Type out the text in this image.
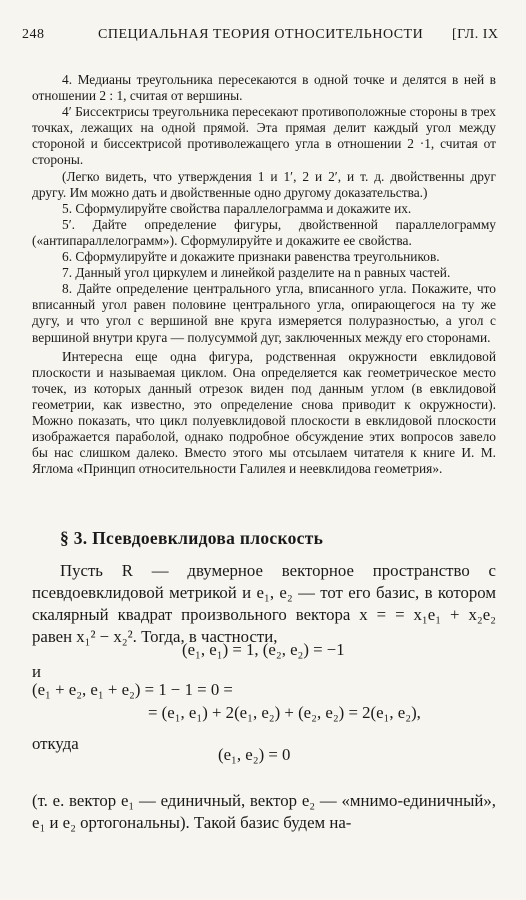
248	СПЕЦИАЛЬНАЯ ТЕОРИЯ ОТНОСИТЕЛЬНОСТИ [ГЛ. IX

4. Медианы треугольника пересекаются в одной точке и делятся в ней в отношении 2 : 1, считая от вершины.

4′ Биссектрисы треугольника пересекают противоположные стороны в трех точках, лежащих на одной прямой. Эта прямая делит каждый угол между стороной и биссектрисой противолежащего угла в отношении 2 ·1, считая от стороны.

(Легко видеть, что утверждения 1 и 1′, 2 и 2′, и т. д. двойственны друг другу. Им можно дать и двойственные одно другому доказательства.)

5. Сформулируйте свойства параллелограмма и докажите их.

5′. Дайте определение фигуры, двойственной параллелограмму («антипараллелограмм»). Сформулируйте и докажите ее свойства.

6. Сформулируйте и докажите признаки равенства треугольников.

7. Данный угол циркулем и линейкой разделите на n равных частей.

8. Дайте определение центрального угла, вписанного угла. Покажите, что вписанный угол равен половине центрального угла, опирающегося на ту же дугу, и что угол с вершиной вне круга измеряется полуразностью, а угол с вершиной внутри круга — полусуммой дуг, заключенных между его сторонами.

Интересна еще одна фигура, родственная окружности евклидовой плоскости и называемая циклом. Она определяется как геометрическое место точек, из которых данный отрезок виден под данным углом (в евклидовой геометрии, как известно, это определение снова приводит к окружности). Можно показать, что цикл полуевклидовой плоскости в евклидовой плоскости изображается параболой, однако подробное обсуждение этих вопросов завело бы нас слишком далеко. Вместо этого мы отсылаем читателя к книге И. М. Яглома «Принцип относительности Галилея и неевклидова геометрия».

§ 3. Псевдоевклидова плоскость

Пусть R — двумерное векторное пространство с псевдоевклидовой метрикой и e₁, e₂ — тот его базис, в котором скалярный квадрат произвольного вектора x = = x₁e₁ + x₂e₂ равен x₁² − x₂². Тогда, в частности,

(e₁, e₁) = 1, (e₂, e₂) = −1
и
(e₁ + e₂, e₁ + e₂) = 1 − 1 = 0 =
= (e₁, e₁) + 2(e₁, e₂) + (e₂, e₂) = 2(e₁, e₂),
откуда
(e₁, e₂) = 0

(т. е. вектор e₁ — единичный, вектор e₂ — «мнимо-единичный», e₁ и e₂ ортогональны). Такой базис будем на-
